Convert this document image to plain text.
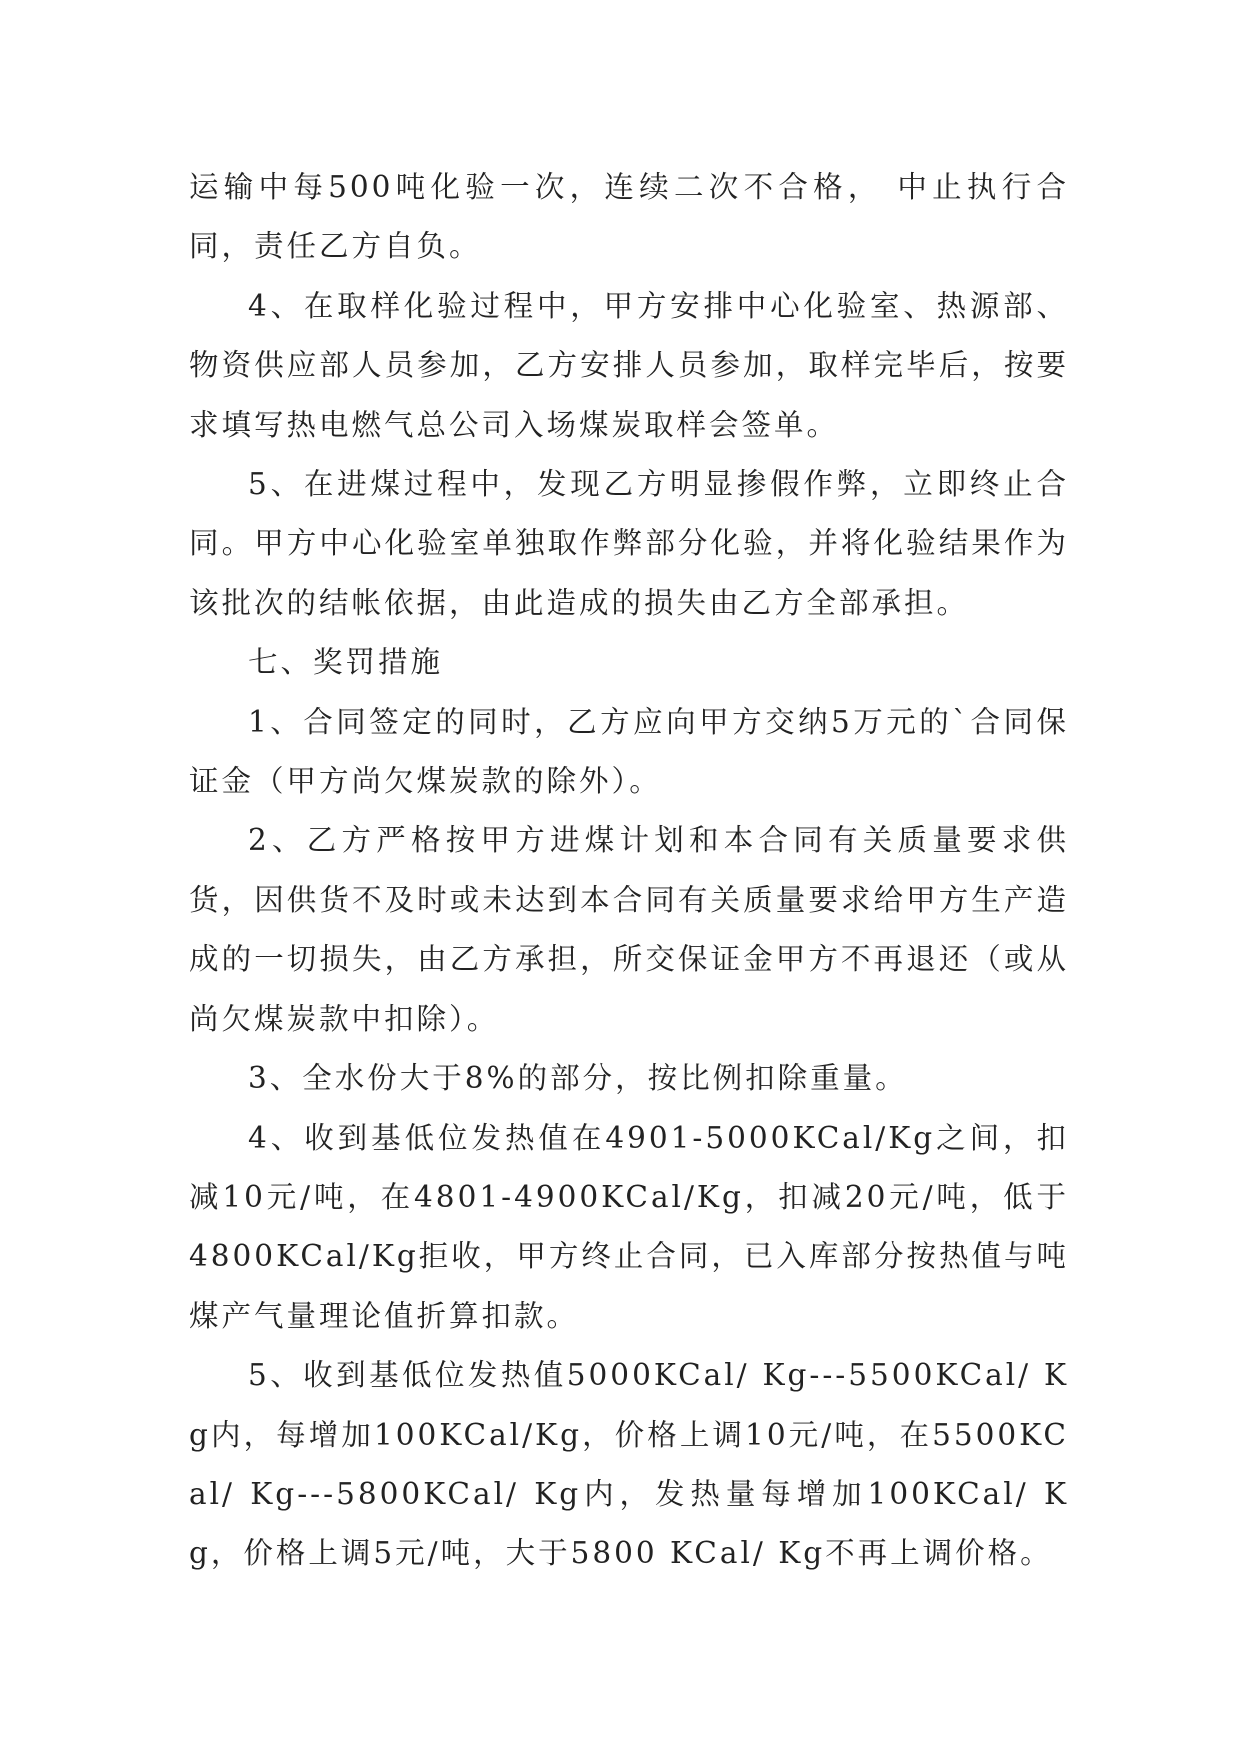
运输中每500吨化验一次，连续二次不合格， 中止执行合同，责任乙方自负。

4、在取样化验过程中，甲方安排中心化验室、热源部、物资供应部人员参加，乙方安排人员参加，取样完毕后，按要求填写热电燃气总公司入场煤炭取样会签单。

5、在进煤过程中，发现乙方明显掺假作弊，立即终止合同。甲方中心化验室单独取作弊部分化验，并将化验结果作为该批次的结帐依据，由此造成的损失由乙方全部承担。

七、奖罚措施

1、合同签定的同时，乙方应向甲方交纳5万元的`合同保证金（甲方尚欠煤炭款的除外）。

2、乙方严格按甲方进煤计划和本合同有关质量要求供货，因供货不及时或未达到本合同有关质量要求给甲方生产造成的一切损失，由乙方承担，所交保证金甲方不再退还（或从尚欠煤炭款中扣除）。

3、全水份大于8%的部分，按比例扣除重量。

4、收到基低位发热值在4901-5000KCal/Kg之间，扣减10元/吨，在4801-4900KCal/Kg，扣减20元/吨，低于4800KCal/Kg拒收，甲方终止合同，已入库部分按热值与吨煤产气量理论值折算扣款。

5、收到基低位发热值5000KCal/ Kg---5500KCal/ Kg内，每增加100KCal/Kg，价格上调10元/吨，在5500KCal/ Kg---5800KCal/ Kg内，发热量每增加100KCal/ Kg，价格上调5元/吨，大于5800 KCal/ Kg不再上调价格。
